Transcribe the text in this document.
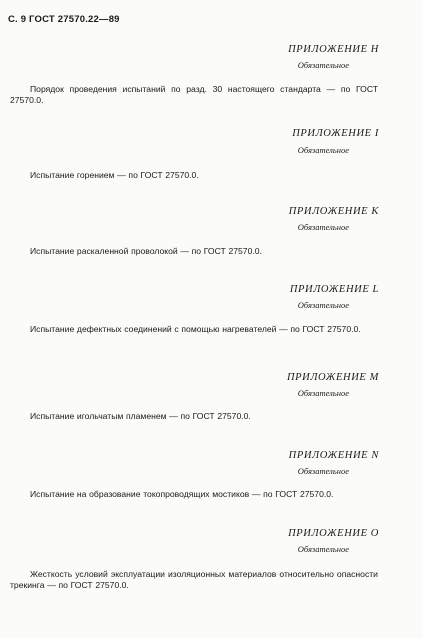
С. 9 ГОСТ 27570.22—89
ПРИЛОЖЕНИЕ Н
Обязательное
Порядок проведения испытаний по разд. 30 настоящего стандарта — по ГОСТ 27570.0.
ПРИЛОЖЕНИЕ I
Обязательное
Испытание горением — по ГОСТ 27570.0.
ПРИЛОЖЕНИЕ К
Обязательное
Испытание раскаленной проволокой — по ГОСТ 27570.0.
ПРИЛОЖЕНИЕ L
Обязательное
Испытание дефектных соединений с помощью нагревателей — по ГОСТ 27570.0.
ПРИЛОЖЕНИЕ М
Обязательное
Испытание игольчатым пламенем — по ГОСТ 27570.0.
ПРИЛОЖЕНИЕ N
Обязательное
Испытание на образование токопроводящих мостиков — по ГОСТ 27570.0.
ПРИЛОЖЕНИЕ О
Обязательное
Жесткость условий эксплуатации изоляционных материалов относительно опасности трекинга — по ГОСТ 27570.0.
